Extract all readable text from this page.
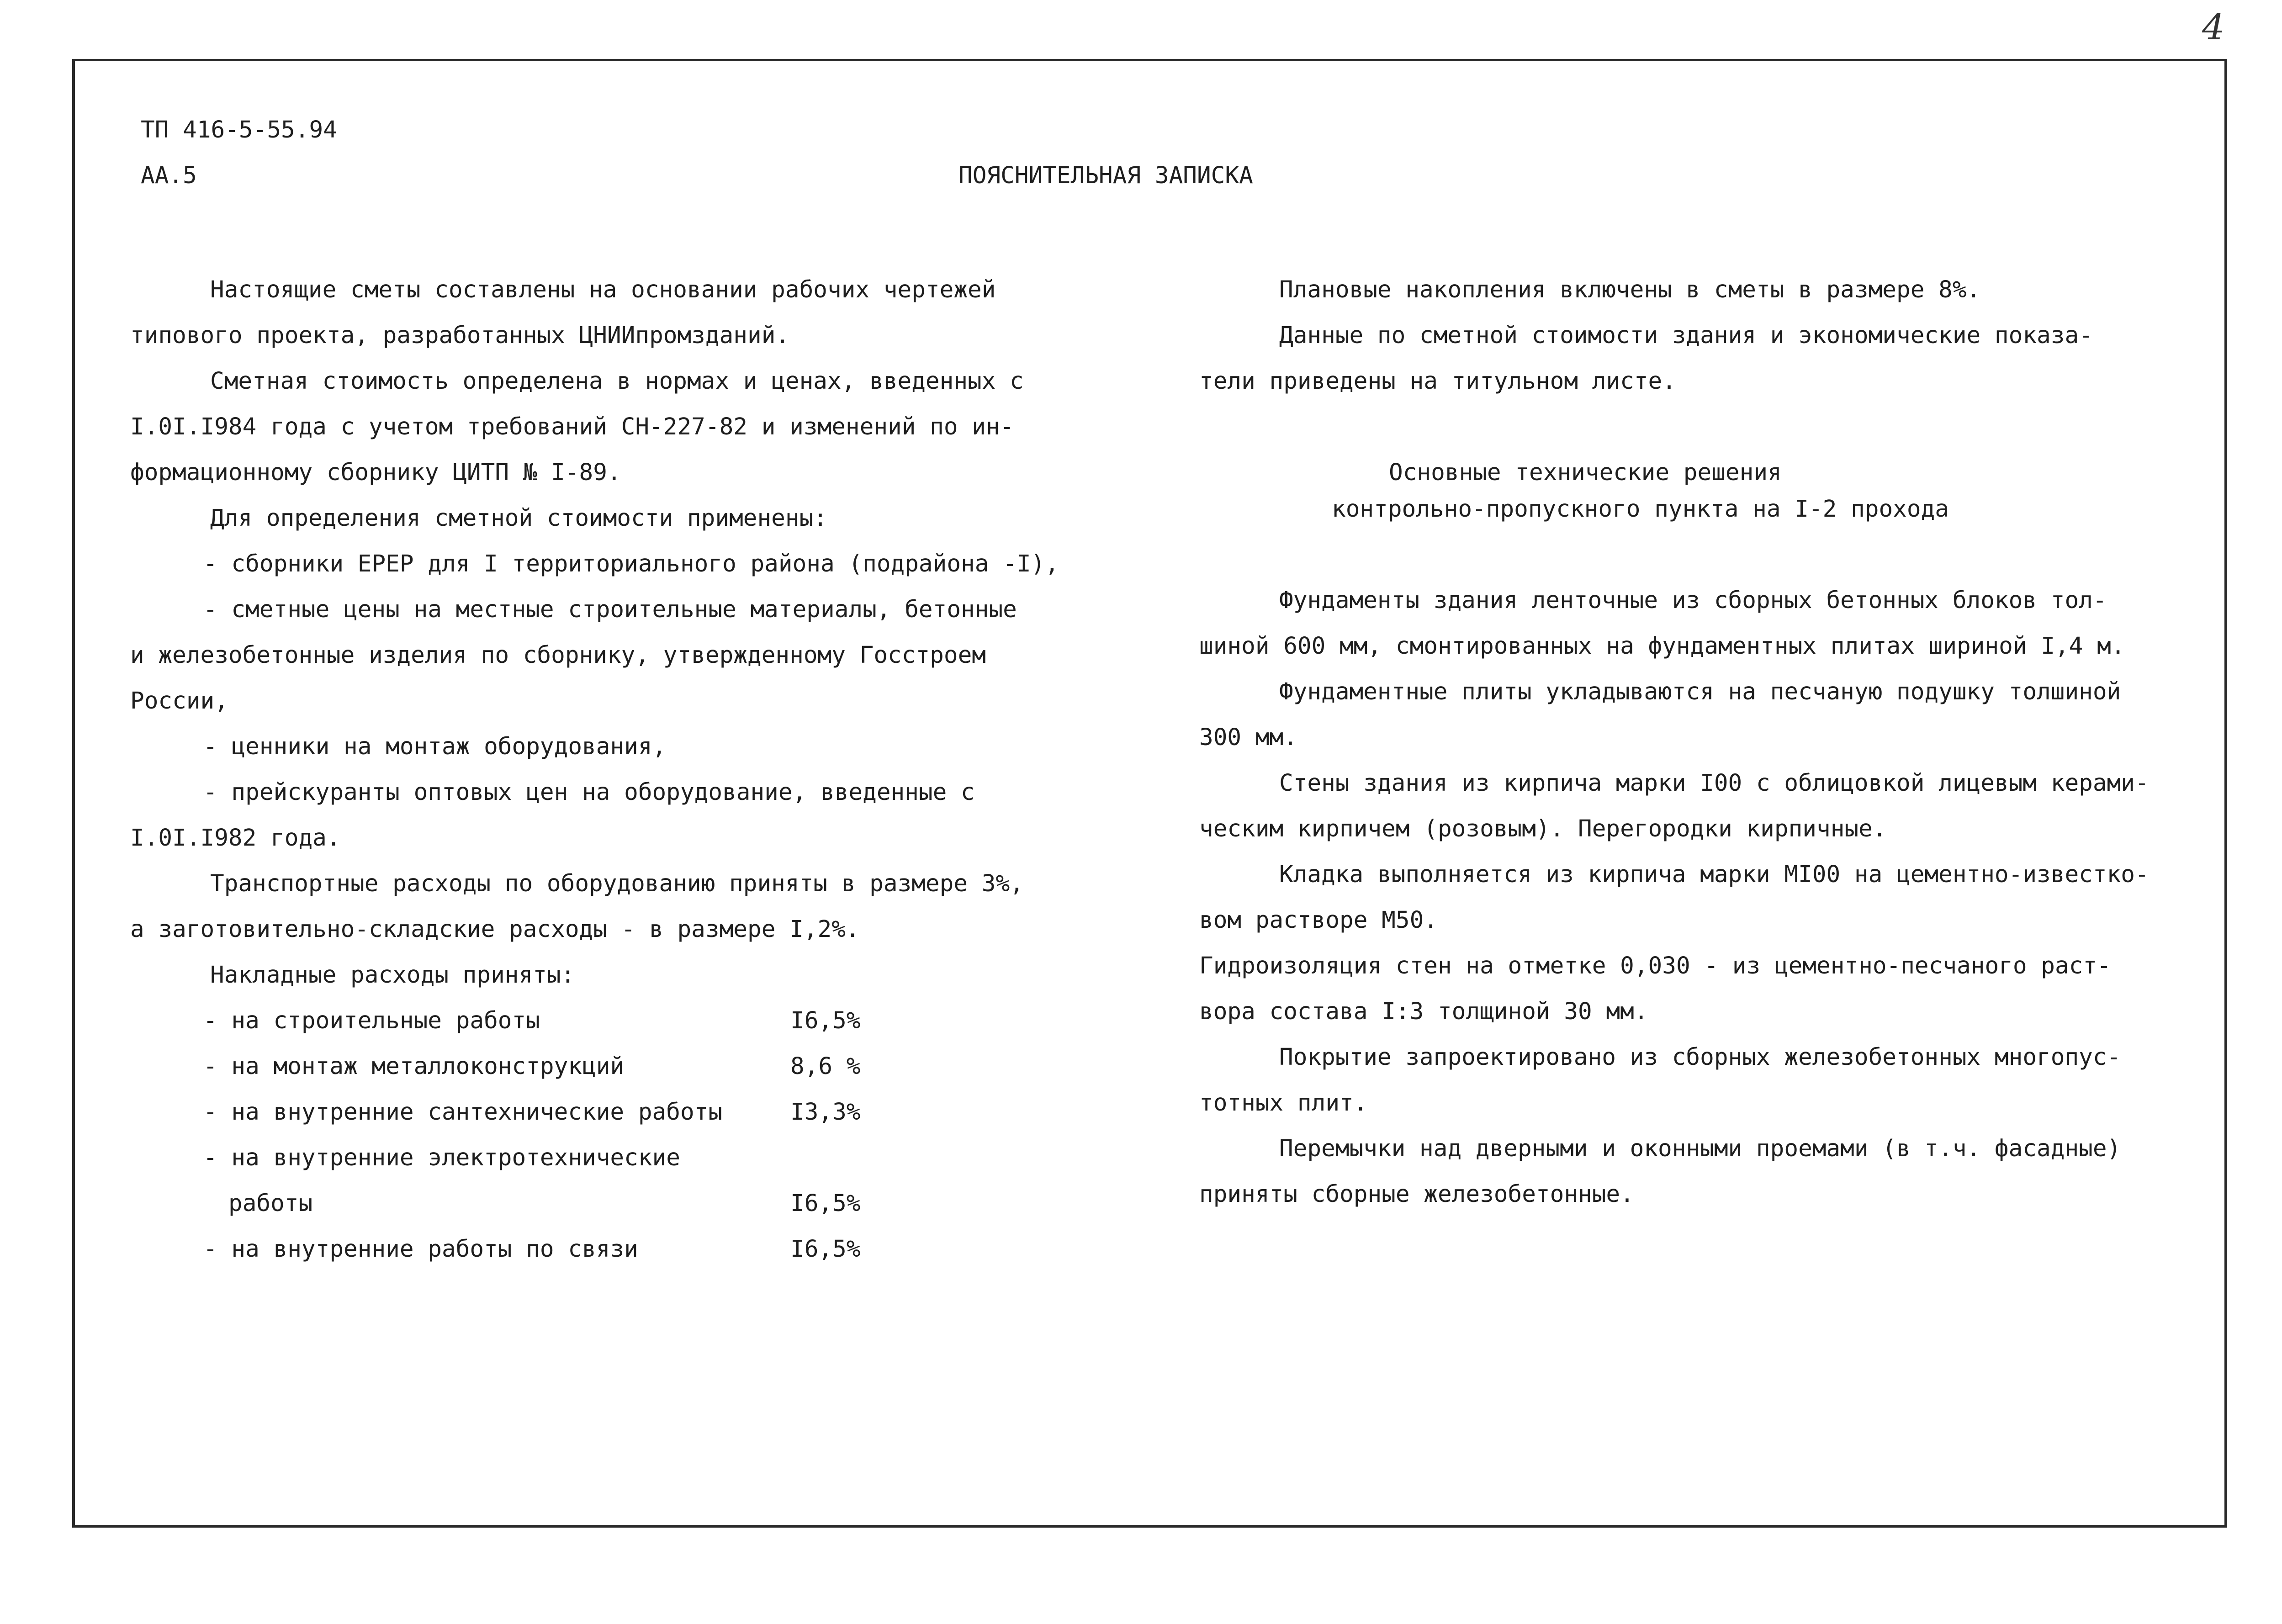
4
ТП 416-5-55.94
АА.5	ПОЯСНИТЕЛЬНАЯ ЗАПИСКА

Настоящие сметы составлены на основании рабочих чертежей

типового проекта, разработанных ЦНИИпромзданий.

Сметная стоимость определена в нормах и ценах, введенных с

I.0I.I984 года с учетом требований СН-227-82 и изменений по ин-

формационному сборнику ЦИТП № I-89.

Для определения сметной стоимости применены:

- сборники ЕРЕР для I территориального района (подрайона -I),

- сметные цены на местные строительные материалы, бетонные

и железобетонные изделия по сборнику, утвержденному Госстроем

России,

- ценники на монтаж оборудования,

- прейскуранты оптовых цен на оборудование, введенные с

I.0I.I982 года.

Транспортные расходы по оборудованию приняты в размере 3%,

а заготовительно-складские расходы - в размере I,2%.

Накладные расходы приняты:

- на строительные работы	I6,5%
- на монтаж металлоконструкций	8,6 %
- на внутренние сантехнические работы	I3,3%
- на внутренние электротехнические
работы	I6,5%
- на внутренние работы по связи	I6,5%

Плановые накопления включены в сметы в размере 8%.

Данные по сметной стоимости здания и экономические показа-

тели приведены на титульном листе.

Основные технические решения

контрольно-пропускного пункта на I-2 прохода

Фундаменты здания ленточные из сборных бетонных блоков тол-

шиной 600 мм, смонтированных на фундаментных плитах шириной I,4 м.

Фундаментные плиты укладываются на песчаную подушку толшиной

300 мм.

Стены здания из кирпича марки I00 с облицовкой лицевым керами-

ческим кирпичем (розовым). Перегородки кирпичные.

Кладка выполняется из кирпича марки МI00 на цементно-известко-

вом растворе М50.

Гидроизоляция стен на отметке 0,030 - из цементно-песчаного раст-

вора состава I:3 толщиной 30 мм.

Покрытие запроектировано из сборных железобетонных многопус-

тотных плит.

Перемычки над дверными и оконными проемами (в т.ч. фасадные)

приняты сборные железобетонные.
